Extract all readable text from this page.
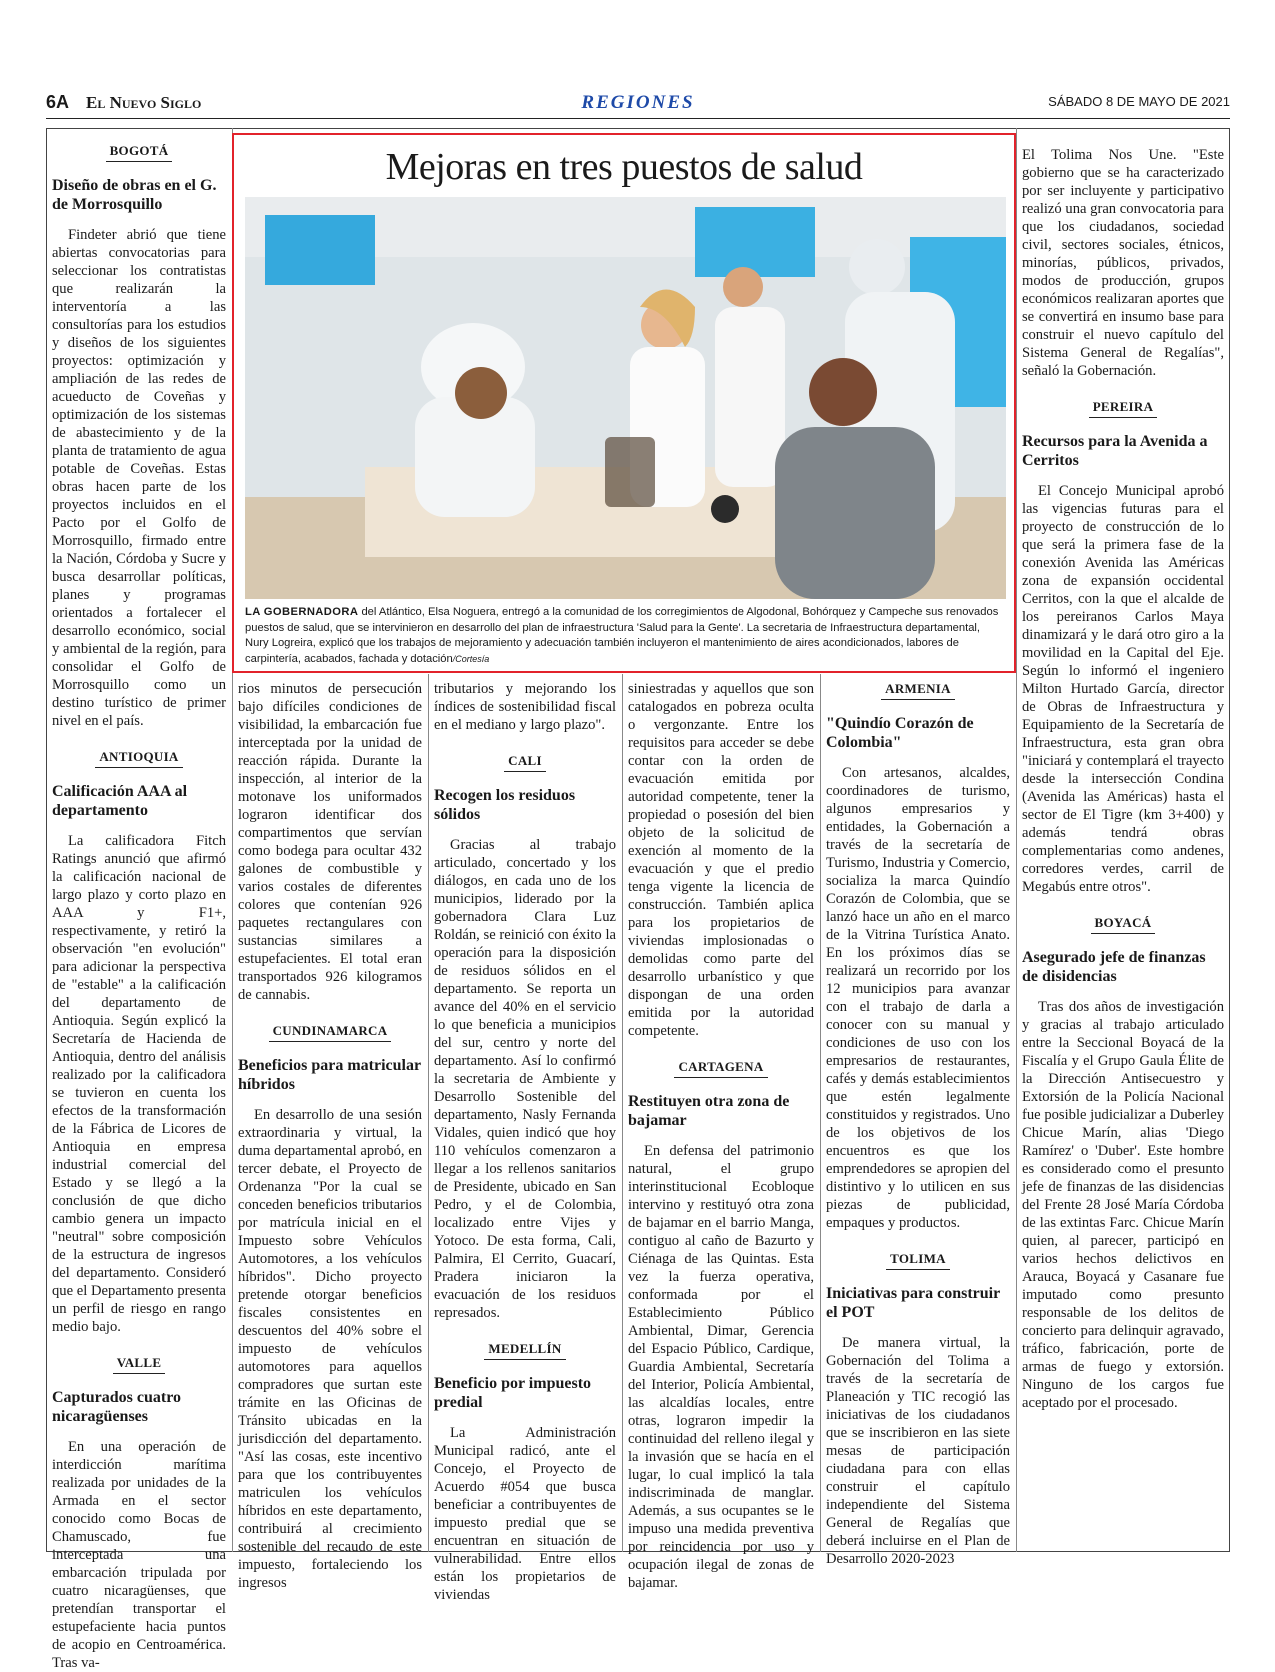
6A El Nuevo Siglo	REGIONES	SÁBADO 8 DE MAYO DE 2021
Mejoras en tres puestos de salud
LA GOBERNADORA del Atlántico, Elsa Noguera, entregó a la comunidad de los corregimientos de Algodonal, Bohórquez y Campeche sus renovados puestos de salud, que se intervinieron en desarrollo del plan de infraestructura 'Salud para la Gente'. La secretaria de Infraestructura departamental, Nury Logreira, explicó que los trabajos de mejoramiento y adecuación también incluyeron el mantenimiento de aires acondicionados, labores de carpintería, acabados, fachada y dotación/Cortesía
BOGOTÁ
Diseño de obras en el G. de Morrosquillo

Findeter abrió que tiene abiertas convocatorias para seleccionar los contratistas que realizarán la interventoría a las consultorías para los estudios y diseños de los siguientes proyectos: optimización y ampliación de las redes de acueducto de Coveñas y optimización de los sistemas de abastecimiento y de la planta de tratamiento de agua potable de Coveñas. Estas obras hacen parte de los proyectos incluidos en el Pacto por el Golfo de Morrosquillo, firmado entre la Nación, Córdoba y Sucre y busca desarrollar políticas, planes y programas orientados a fortalecer el desarrollo económico, social y ambiental de la región, para consolidar el Golfo de Morrosquillo como un destino turístico de primer nivel en el país.

ANTIOQUIA
Calificación AAA al departamento

La calificadora Fitch Ratings anunció que afirmó la calificación nacional de largo plazo y corto plazo en AAA y F1+, respectivamente, y retiró la observación "en evolución" para adicionar la perspectiva de "estable" a la calificación del departamento de Antioquia. Según explicó la Secretaría de Hacienda de Antioquia, dentro del análisis realizado por la calificadora se tuvieron en cuenta los efectos de la transformación de la Fábrica de Licores de Antioquia en empresa industrial comercial del Estado y se llegó a la conclusión de que dicho cambio genera un impacto "neutral" sobre composición de la estructura de ingresos del departamento. Consideró que el Departamento presenta un perfil de riesgo en rango medio bajo.

VALLE
Capturados cuatro nicaragüenses

En una operación de interdicción marítima realizada por unidades de la Armada en el sector conocido como Bocas de Chamuscado, fue interceptada una embarcación tripulada por cuatro nicaragüenses, que pretendían transportar el estupefaciente hacia puntos de acopio en Centroamérica. Tras va-

rios minutos de persecución bajo difíciles condiciones de visibilidad, la embarcación fue interceptada por la unidad de reacción rápida. Durante la inspección, al interior de la motonave los uniformados lograron identificar dos compartimentos que servían como bodega para ocultar 432 galones de combustible y varios costales de diferentes colores que contenían 926 paquetes rectangulares con sustancias similares a estupefacientes. El total eran transportados 926 kilogramos de cannabis.
CUNDINAMARCA
Beneficios para matricular híbridos

En desarrollo de una sesión extraordinaria y virtual, la duma departamental aprobó, en tercer debate, el Proyecto de Ordenanza "Por la cual se conceden beneficios tributarios por matrícula inicial en el Impuesto sobre Vehículos Automotores, a los vehículos híbridos". Dicho proyecto pretende otorgar beneficios fiscales consistentes en descuentos del 40% sobre el impuesto de vehículos automotores para aquellos compradores que surtan este trámite en las Oficinas de Tránsito ubicadas en la jurisdicción del departamento. "Así las cosas, este incentivo para que los contribuyentes matriculen los vehículos híbridos en este departamento, contribuirá al crecimiento sostenible del recaudo de este impuesto, fortaleciendo los ingresos

tributarios y mejorando los índices de sostenibilidad fiscal en el mediano y largo plazo".
CALI
Recogen los residuos sólidos

Gracias al trabajo articulado, concertado y los diálogos, en cada uno de los municipios, liderado por la gobernadora Clara Luz Roldán, se reinició con éxito la operación para la disposición de residuos sólidos en el departamento. Se reporta un avance del 40% en el servicio lo que beneficia a municipios del sur, centro y norte del departamento. Así lo confirmó la secretaria de Ambiente y Desarrollo Sostenible del departamento, Nasly Fernanda Vidales, quien indicó que hoy 110 vehículos comenzaron a llegar a los rellenos sanitarios de Presidente, ubicado en San Pedro, y el de Colombia, localizado entre Vijes y Yotoco. De esta forma, Cali, Palmira, El Cerrito, Guacarí, Pradera iniciaron la evacuación de los residuos represados.

MEDELLÍN
Beneficio por impuesto predial

La Administración Municipal radicó, ante el Concejo, el Proyecto de Acuerdo #054 que busca beneficiar a contribuyentes de impuesto predial que se encuentran en situación de vulnerabilidad. Entre ellos están los propietarios de viviendas

siniestradas y aquellos que son catalogados en pobreza oculta o vergonzante. Entre los requisitos para acceder se debe contar con la orden de evacuación emitida por autoridad competente, tener la propiedad o posesión del bien objeto de la solicitud de exención al momento de la evacuación y que el predio tenga vigente la licencia de construcción. También aplica para los propietarios de viviendas implosionadas o demolidas como parte del desarrollo urbanístico y que dispongan de una orden emitida por la autoridad competente.
CARTAGENA
Restituyen otra zona de bajamar

En defensa del patrimonio natural, el grupo interinstitucional Ecobloque intervino y restituyó otra zona de bajamar en el barrio Manga, contiguo al caño de Bazurto y Ciénaga de las Quintas. Esta vez la fuerza operativa, conformada por el Establecimiento Público Ambiental, Dimar, Gerencia del Espacio Público, Cardique, Guardia Ambiental, Secretaría del Interior, Policía Ambiental, las alcaldías locales, entre otras, lograron impedir la continuidad del relleno ilegal y la invasión que se hacía en el lugar, lo cual implicó la tala indiscriminada de manglar. Además, a sus ocupantes se le impuso una medida preventiva por reincidencia por uso y ocupación ilegal de zonas de bajamar.

ARMENIA
"Quindío Corazón de Colombia"

Con artesanos, alcaldes, coordinadores de turismo, algunos empresarios y entidades, la Gobernación a través de la secretaría de Turismo, Industria y Comercio, socializa la marca Quindío Corazón de Colombia, que se lanzó hace un año en el marco de la Vitrina Turística Anato. En los próximos días se realizará un recorrido por los 12 municipios para avanzar con el trabajo de darla a conocer con su manual y condiciones de uso con los empresarios de restaurantes, cafés y demás establecimientos que estén legalmente constituidos y registrados. Uno de los objetivos de los encuentros es que los emprendedores se apropien del distintivo y lo utilicen en sus piezas de publicidad, empaques y productos.

TOLIMA
Iniciativas para construir el POT

De manera virtual, la Gobernación del Tolima a través de la secretaría de Planeación y TIC recogió las iniciativas de los ciudadanos que se inscribieron en las siete mesas de participación ciudadana para con ellas construir el capítulo independiente del Sistema General de Regalías que deberá incluirse en el Plan de Desarrollo 2020-2023

El Tolima Nos Une. "Este gobierno que se ha caracterizado por ser incluyente y participativo realizó una gran convocatoria para que los ciudadanos, sociedad civil, sectores sociales, étnicos, minorías, públicos, privados, modos de producción, grupos económicos realizaran aportes que se convertirá en insumo base para construir el nuevo capítulo del Sistema General de Regalías", señaló la Gobernación.
PEREIRA
Recursos para la Avenida a Cerritos

El Concejo Municipal aprobó las vigencias futuras para el proyecto de construcción de lo que será la primera fase de la conexión Avenida las Américas zona de expansión occidental Cerritos, con la que el alcalde de los pereiranos Carlos Maya dinamizará y le dará otro giro a la movilidad en la Capital del Eje. Según lo informó el ingeniero Milton Hurtado García, director de Obras de Infraestructura y Equipamiento de la Secretaría de Infraestructura, esta gran obra "iniciará y contemplará el trayecto desde la intersección Condina (Avenida las Américas) hasta el sector de El Tigre (km 3+400) y además tendrá obras complementarias como andenes, corredores verdes, carril de Megabús entre otros".

BOYACÁ
Asegurado jefe de finanzas de disidencias

Tras dos años de investigación y gracias al trabajo articulado entre la Seccional Boyacá de la Fiscalía y el Grupo Gaula Élite de la Dirección Antisecuestro y Extorsión de la Policía Nacional fue posible judicializar a Duberley Chicue Marín, alias 'Diego Ramírez' o 'Duber'. Este hombre es considerado como el presunto jefe de finanzas de las disidencias del Frente 28 José María Córdoba de las extintas Farc. Chicue Marín quien, al parecer, participó en varios hechos delictivos en Arauca, Boyacá y Casanare fue imputado como presunto responsable de los delitos de concierto para delinquir agravado, tráfico, fabricación, porte de armas de fuego y extorsión. Ninguno de los cargos fue aceptado por el procesado.
